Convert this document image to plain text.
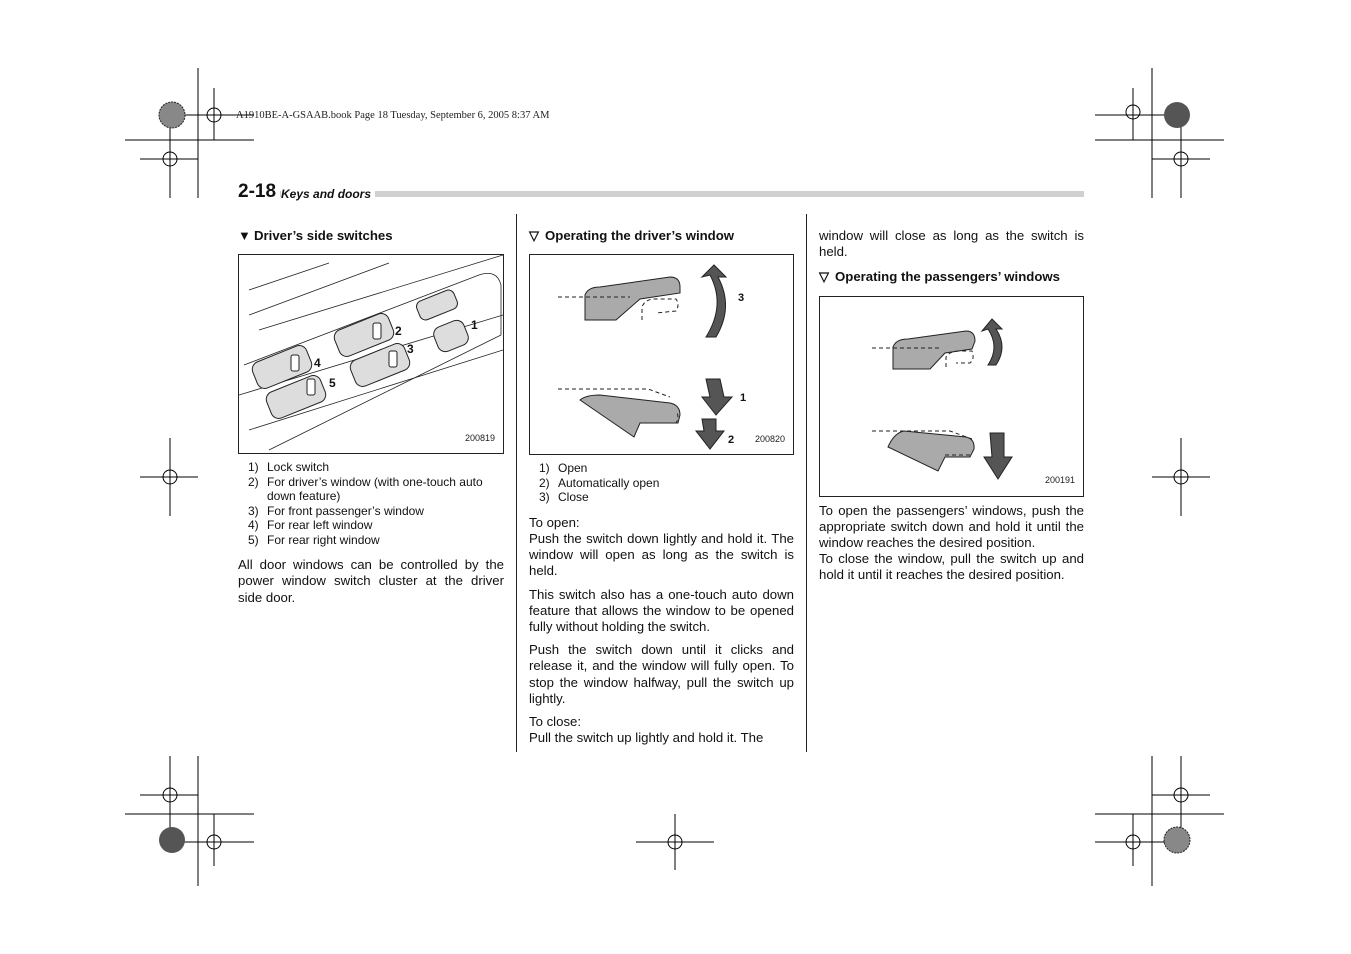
A1910BE-A-GSAAB.book Page 18 Tuesday, September 6, 2005 8:37 AM
2-18 Keys and doors
▼ Driver’s side switches
1
2
3
4
5
200819
1) Lock switch
2) For driver’s window (with one-touch auto down feature)
3) For front passenger’s window
4) For rear left window
5) For rear right window

All door windows can be controlled by the power window switch cluster at the driver side door.

▽ Operating the driver’s window
3
1
2 200820
1) Open
2) Automatically open
3) Close

To open:

Push the switch down lightly and hold it. The window will open as long as the switch is held.

This switch also has a one-touch auto down feature that allows the window to be opened fully without holding the switch.

Push the switch down until it clicks and release it, and the window will fully open. To stop the window halfway, pull the switch up lightly.

To close:

Pull the switch up lightly and hold it. The

window will close as long as the switch is held.

▽ Operating the passengers’ windows
200191

To open the passengers’ windows, push the appropriate switch down and hold it until the window reaches the desired position.

To close the window, pull the switch up and hold it until it reaches the desired position.
